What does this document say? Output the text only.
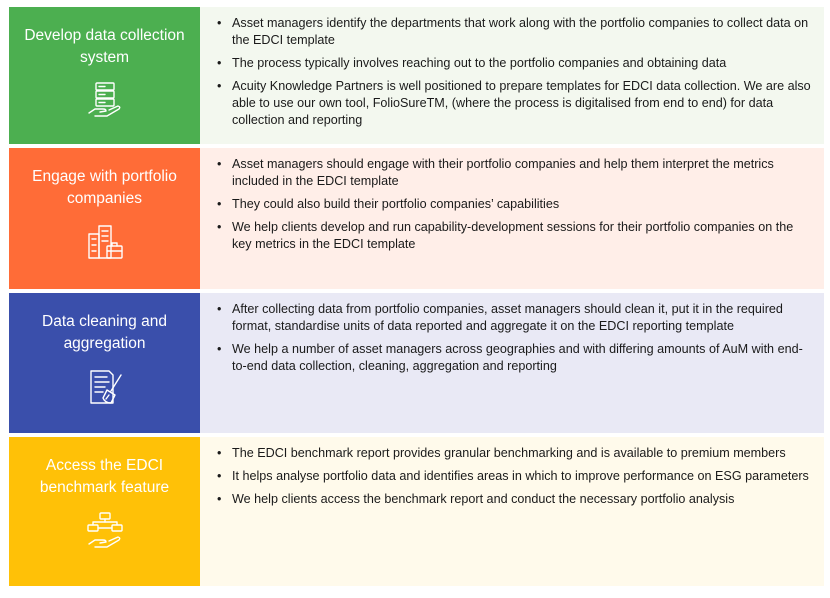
Develop data collection system
• Asset managers identify the departments that work along with the portfolio companies to collect data on the EDCI template
• The process typically involves reaching out to the portfolio companies and obtaining data
• Acuity Knowledge Partners is well positioned to prepare templates for EDCI data collection. We are also able to use our own tool, FolioSureTM, (where the process is digitalised from end to end) for data collection and reporting
Engage with portfolio companies
• Asset managers should engage with their portfolio companies and help them interpret the metrics included in the EDCI template
• They could also build their portfolio companies’ capabilities
• We help clients develop and run capability-development sessions for their portfolio companies on the key metrics in the EDCI template
Data cleaning and aggregation
• After collecting data from portfolio companies, asset managers should clean it, put it in the required format, standardise units of data reported and aggregate it on the EDCI reporting template
• We help a number of asset managers across geographies and with differing amounts of AuM with end-to-end data collection, cleaning, aggregation and reporting
Access the EDCI benchmark feature
• The EDCI benchmark report provides granular benchmarking and is available to premium members
• It helps analyse portfolio data and identifies areas in which to improve performance on ESG parameters
• We help clients access the benchmark report and conduct the necessary portfolio analysis
